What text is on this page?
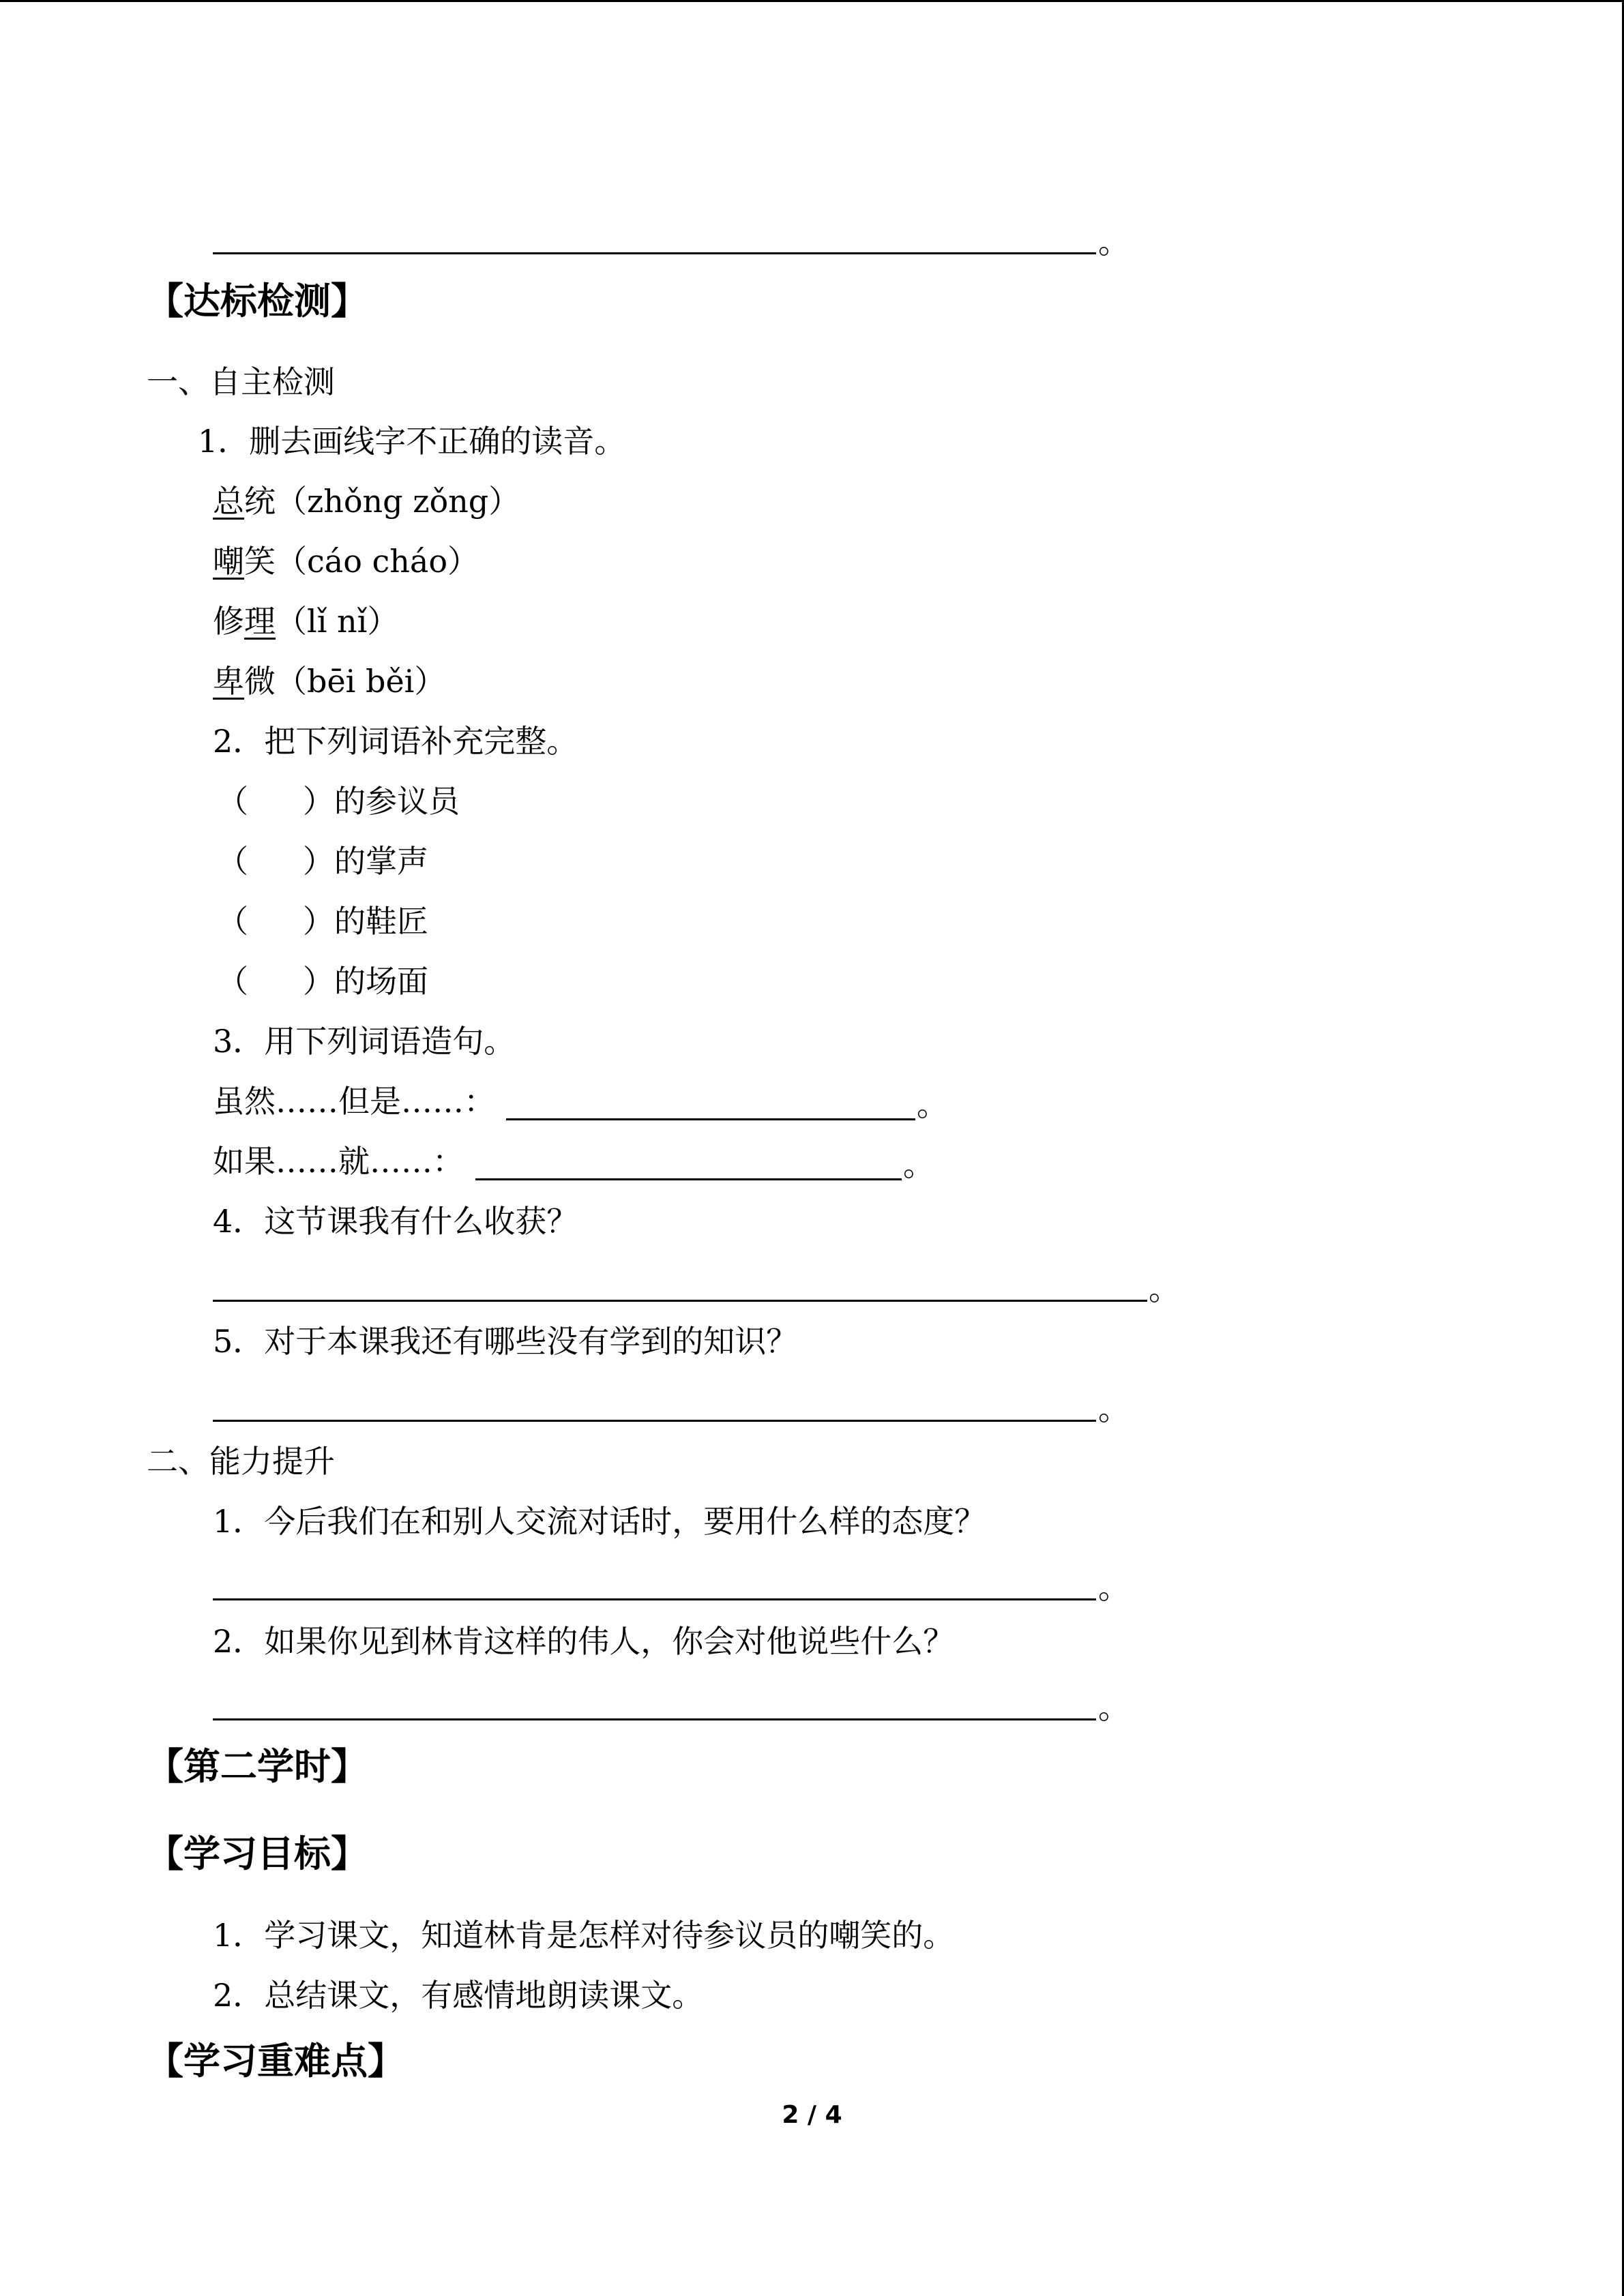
。
【达标检测】
一、自主检测
1．删去画线字不正确的读音。
总统（zhǒng zǒng）
嘲笑（cáo cháo）
修理（lǐ nǐ）
卑微（bēi běi）
2．把下列词语补充完整。
（ ）的参议员
（ ）的掌声
（ ）的鞋匠
（ ）的场面
3．用下列词语造句。
虽然……但是……：	。
如果……就……：	。
4．这节课我有什么收获？
。
5．对于本课我还有哪些没有学到的知识？
。
二、能力提升
1．今后我们在和别人交流对话时，要用什么样的态度？
。
2．如果你见到林肯这样的伟人，你会对他说些什么？
。
【第二学时】
【学习目标】
1．学习课文，知道林肯是怎样对待参议员的嘲笑的。
2．总结课文，有感情地朗读课文。
【学习重难点】
2 / 4
